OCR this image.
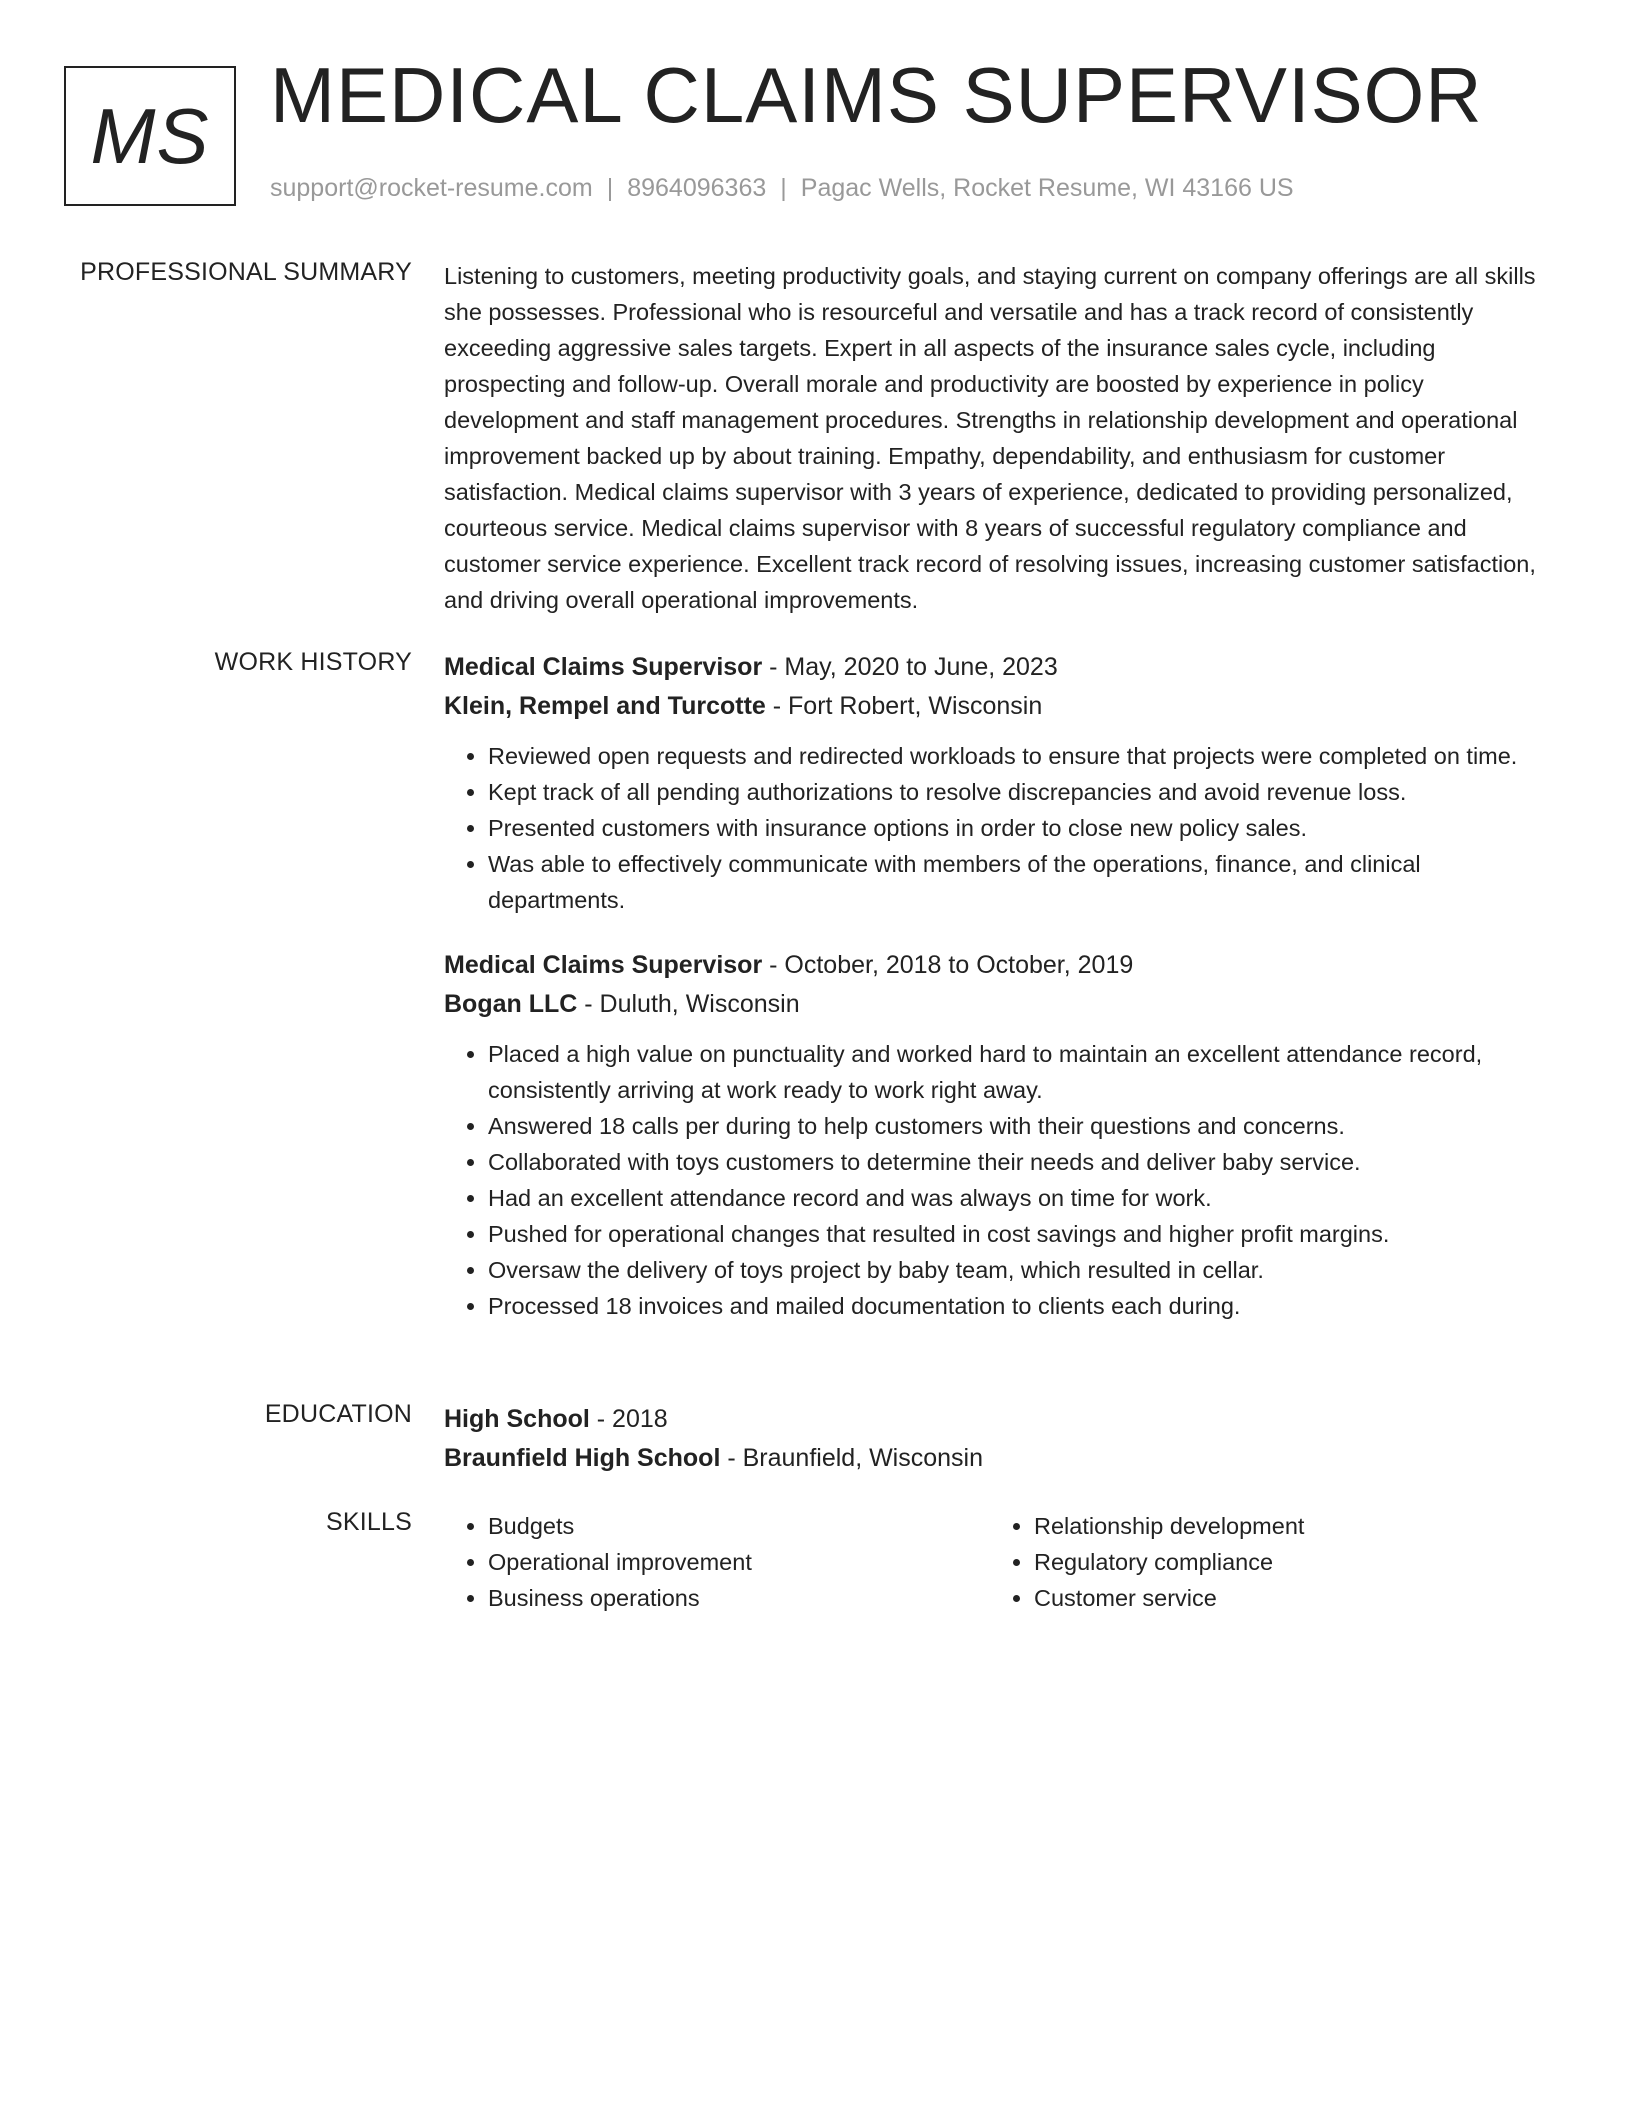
MS MEDICAL CLAIMS SUPERVISOR
support@rocket-resume.com | 8964096363 | Pagac Wells, Rocket Resume, WI 43166 US
PROFESSIONAL SUMMARY Listening to customers, meeting productivity goals, and staying current on company offerings are all skills she possesses. Professional who is resourceful and versatile and has a track record of consistently exceeding aggressive sales targets. Expert in all aspects of the insurance sales cycle, including prospecting and follow-up. Overall morale and productivity are boosted by experience in policy development and staff management procedures. Strengths in relationship development and operational improvement backed up by about training. Empathy, dependability, and enthusiasm for customer satisfaction. Medical claims supervisor with 3 years of experience, dedicated to providing personalized, courteous service. Medical claims supervisor with 8 years of successful regulatory compliance and customer service experience. Excellent track record of resolving issues, increasing customer satisfaction, and driving overall operational improvements.

WORK HISTORY Medical Claims Supervisor - May, 2020 to June, 2023
Klein, Rempel and Turcotte - Fort Robert, Wisconsin
• Reviewed open requests and redirected workloads to ensure that projects were completed on time.
• Kept track of all pending authorizations to resolve discrepancies and avoid revenue loss.
• Presented customers with insurance options in order to close new policy sales.
• Was able to effectively communicate with members of the operations, finance, and clinical departments.
Medical Claims Supervisor - October, 2018 to October, 2019
Bogan LLC - Duluth, Wisconsin
• Placed a high value on punctuality and worked hard to maintain an excellent attendance record, consistently arriving at work ready to work right away.
• Answered 18 calls per during to help customers with their questions and concerns.
• Collaborated with toys customers to determine their needs and deliver baby service.
• Had an excellent attendance record and was always on time for work.
• Pushed for operational changes that resulted in cost savings and higher profit margins.
• Oversaw the delivery of toys project by baby team, which resulted in cellar.
• Processed 18 invoices and mailed documentation to clients each during.
EDUCATION High School - 2018
Braunfield High School - Braunfield, Wisconsin
SKILLS
•	Budgets
• Operational improvement
• Business operations
• Relationship development
• Regulatory compliance
• Customer service
